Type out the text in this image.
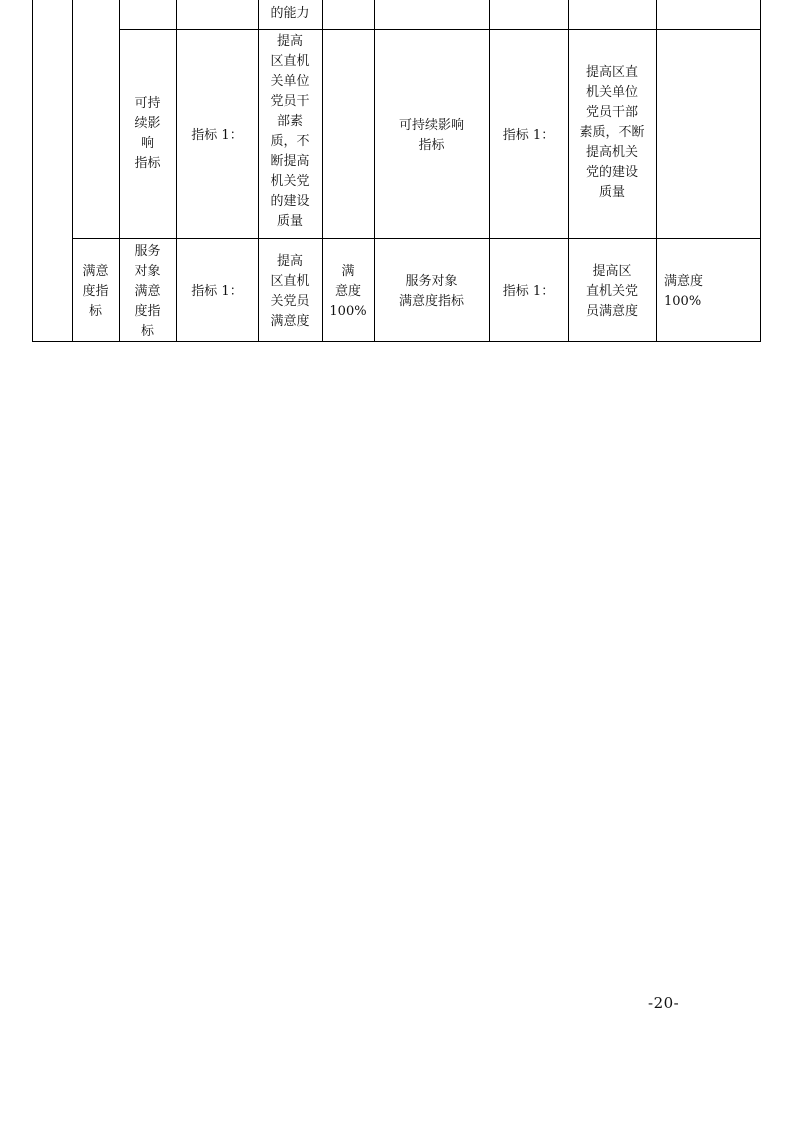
的能力
可持
续影
响
指标
指标 1：
提高
区直机
关单位
党员干
部素
质，不
断提高
机关党
的建设
质量
可持续影响
指标
指标 1：
提高区直
机关单位
党员干部
素质，不断
提高机关
党的建设
质量
满意
度指
标
服务
对象
满意
度指
标
指标 1：
提高
区直机
关党员
满意度
满
意度
100%
服务对象
满意度指标
指标 1：
提高区
直机关党
员满意度
满意度
100%
-20-
